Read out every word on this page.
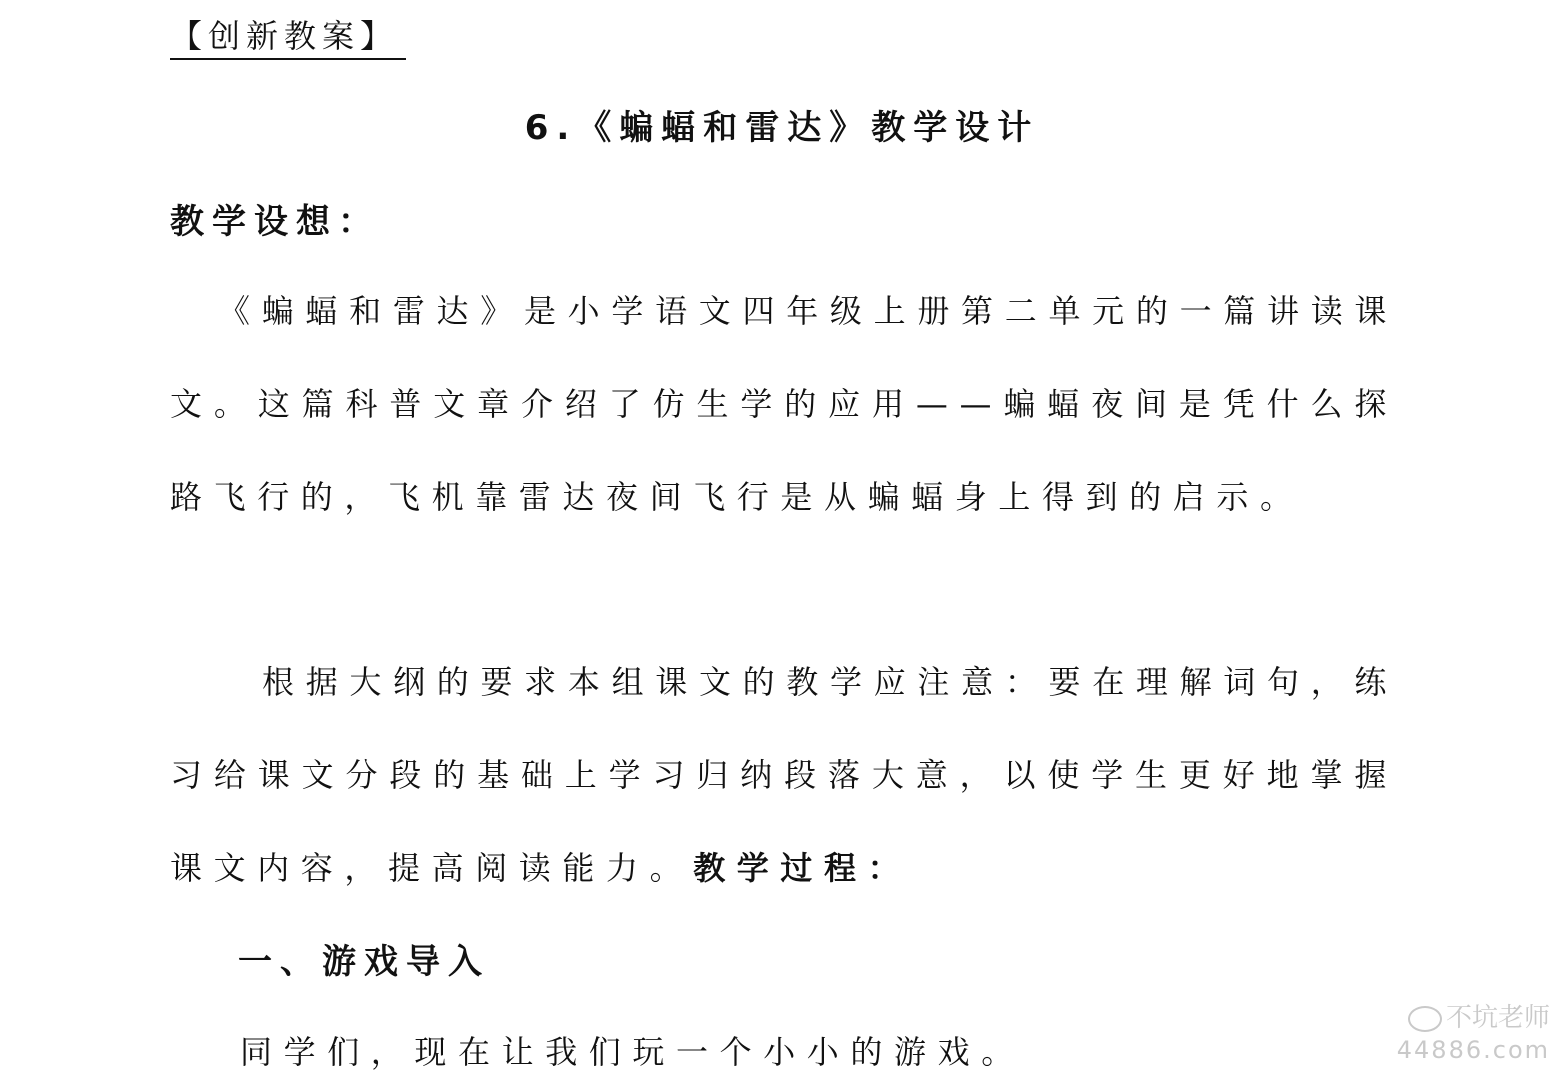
【创新教案】
6.《蝙蝠和雷达》教学设计
教学设想：

《蝙蝠和雷达》是小学语文四年级上册第二单元的一篇讲读课文。这篇科普文章介绍了仿生学的应用——蝙蝠夜间是凭什么探路飞行的，飞机靠雷达夜间飞行是从蝙蝠身上得到的启示。

根据大纲的要求本组课文的教学应注意：要在理解词句，练习给课文分段的基础上学习归纳段落大意，以使学生更好地掌握课文内容，提高阅读能力。教学过程：

一、游戏导入
同学们，现在让我们玩一个小小的游戏。
不坑老师
44886.com
